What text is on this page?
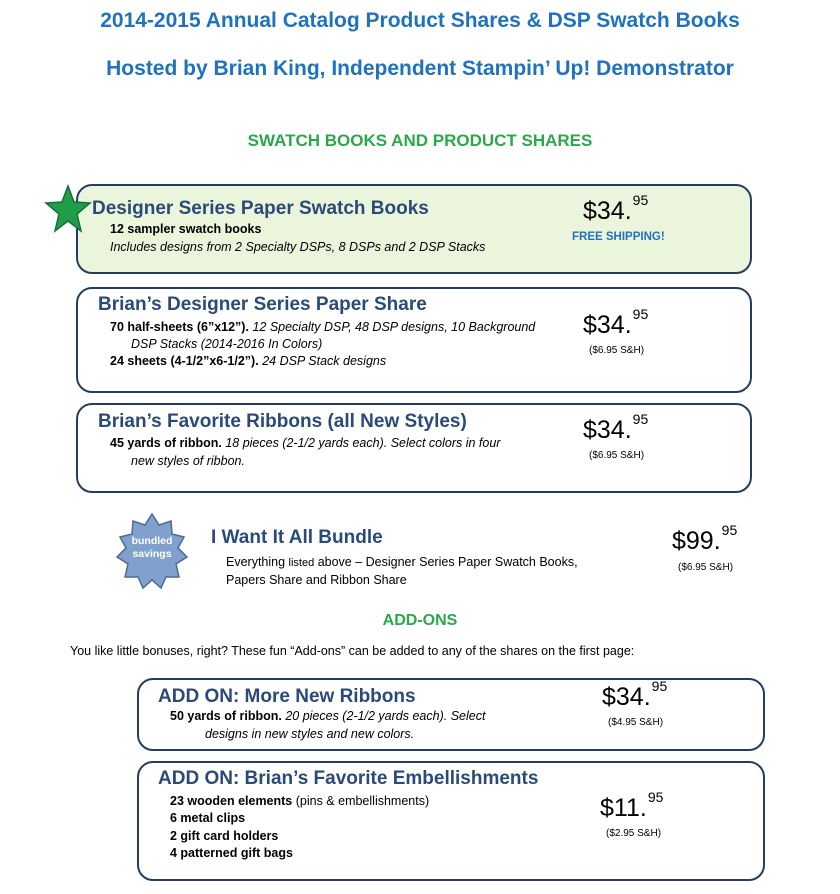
2014-2015 Annual Catalog Product Shares & DSP Swatch Books
Hosted by Brian King, Independent Stampin’ Up! Demonstrator
SWATCH BOOKS AND PRODUCT SHARES
Designer Series Paper Swatch Books
12 sampler swatch books
Includes designs from 2 Specialty DSPs, 8 DSPs and 2 DSP Stacks
$34.95
FREE SHIPPING!
Brian’s Designer Series Paper Share
70 half-sheets (6”x12”). 12 Specialty DSP, 48 DSP designs, 10 Background
DSP Stacks (2014-2016 In Colors)
24 sheets (4-1/2”x6-1/2”). 24 DSP Stack designs
$34.95
($6.95 S&H)
Brian’s Favorite Ribbons (all New Styles)
45 yards of ribbon. 18 pieces (2-1/2 yards each). Select colors in four
new styles of ribbon.
$34.95
($6.95 S&H)
bundled
savings
I Want It All Bundle
Everything listed above – Designer Series Paper Swatch Books,
Papers Share and Ribbon Share
$99.95
($6.95 S&H)
ADD-ONS
You like little bonuses, right? These fun “Add-ons” can be added to any of the shares on the first page:
ADD ON: More New Ribbons
50 yards of ribbon. 20 pieces (2-1/2 yards each). Select
designs in new styles and new colors.
$34.95
($4.95 S&H)
ADD ON: Brian’s Favorite Embellishments
23 wooden elements (pins & embellishments)
6 metal clips
2 gift card holders
4 patterned gift bags
$11.95
($2.95 S&H)
